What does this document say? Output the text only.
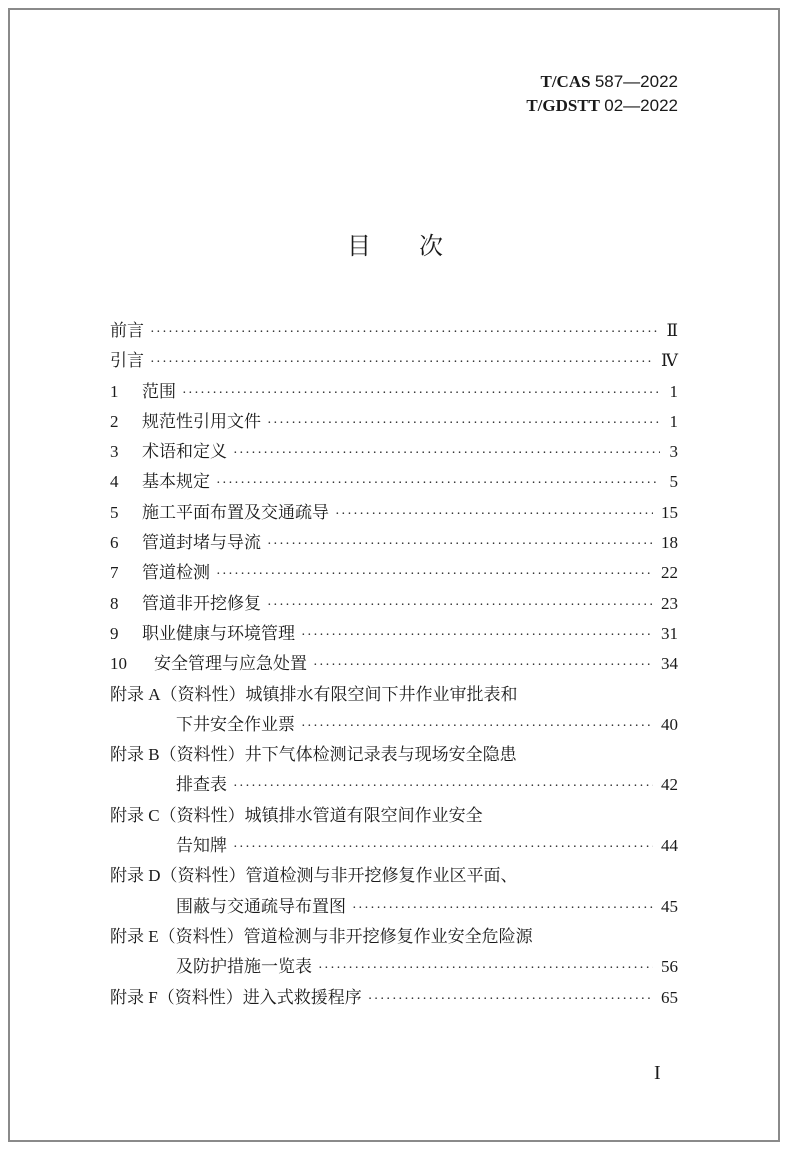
T/CAS 587—2022
T/GDSTT 02—2022
目　　次
前言 ·····	Ⅱ
引言 ·····	Ⅳ
1	范围 ·····	1
2	规范性引用文件 ·····	1
3	术语和定义 ·····	3
4	基本规定 ·····	5
5	施工平面布置及交通疏导 ·····	15
6	管道封堵与导流 ·····	18
7	管道检测 ·····	22
8	管道非开挖修复 ·····	23
9	职业健康与环境管理 ·····	31
10	安全管理与应急处置 ·····	34
附录 A（资料性）城镇排水有限空间下井作业审批表和
下井安全作业票 ·····	40
附录 B（资料性）井下气体检测记录表与现场安全隐患
排查表 ·····	42
附录 C（资料性）城镇排水管道有限空间作业安全
告知牌 ·····	44
附录 D（资料性）管道检测与非开挖修复作业区平面、
围蔽与交通疏导布置图 ·····	45
附录 E（资料性）管道检测与非开挖修复作业安全危险源
及防护措施一览表 ·····	56
附录 F（资料性）进入式救援程序 ·····	65
I
